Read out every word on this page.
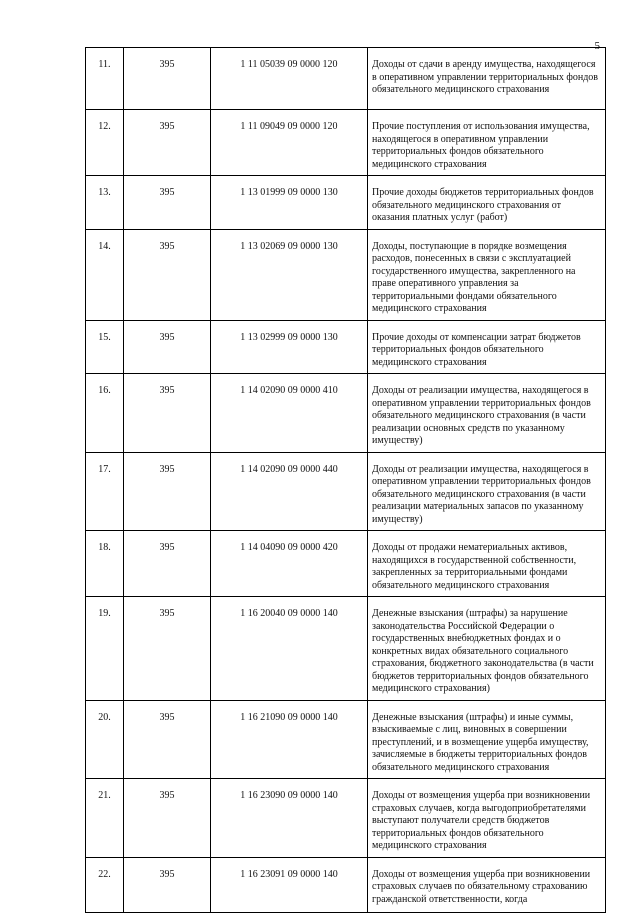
5
11.	395	1 11 05039 09 0000 120	Доходы от сдачи в аренду имущества, находящегося в оперативном управлении территориальных фондов обязательного медицинского страхования
12.	395	1 11 09049 09 0000 120	Прочие поступления от использования имущества, находящегося в оперативном управлении территориальных фондов обязательного медицинского страхования
13.	395	1 13 01999 09 0000 130	Прочие доходы бюджетов территориальных фондов обязательного медицинского страхования от оказания платных услуг (работ)
14.	395	1 13 02069 09 0000 130	Доходы, поступающие в порядке возмещения расходов, понесенных в связи с эксплуатацией государственного имущества, закрепленного на праве оперативного управления за территориальными фондами обязательного медицинского страхования
15.	395	1 13 02999 09 0000 130	Прочие доходы от компенсации затрат бюджетов территориальных фондов обязательного медицинского страхования
16.	395	1 14 02090 09 0000 410	Доходы от реализации имущества, находящегося в оперативном управлении территориальных фондов обязательного медицинского страхования (в части реализации основных средств по указанному имуществу)
17.	395	1 14 02090 09 0000 440	Доходы от реализации имущества, находящегося в оперативном управлении территориальных фондов обязательного медицинского страхования (в части реализации материальных запасов по указанному имуществу)
18.	395	1 14 04090 09 0000 420	Доходы от продажи нематериальных активов, находящихся в государственной собственности, закрепленных за территориальными фондами обязательного медицинского страхования
19.	395	1 16 20040 09 0000 140	Денежные взыскания (штрафы) за нарушение законодательства Российской Федерации о государственных внебюджетных фондах и о конкретных видах обязательного социального страхования, бюджетного законодательства (в части бюджетов территориальных фондов обязательного медицинского страхования)
20.	395	1 16 21090 09 0000 140	Денежные взыскания (штрафы) и иные суммы, взыскиваемые с лиц, виновных в совершении преступлений, и в возмещение ущерба имуществу, зачисляемые в бюджеты территориальных фондов обязательного медицинского страхования
21.	395	1 16 23090 09 0000 140	Доходы от возмещения ущерба при возникновении страховых случаев, когда выгодоприобретателями выступают получатели средств бюджетов территориальных фондов обязательного медицинского страхования
22.	395	1 16 23091 09 0000 140	Доходы от возмещения ущерба при возникновении страховых случаев по обязательному страхованию гражданской ответственности, когда
